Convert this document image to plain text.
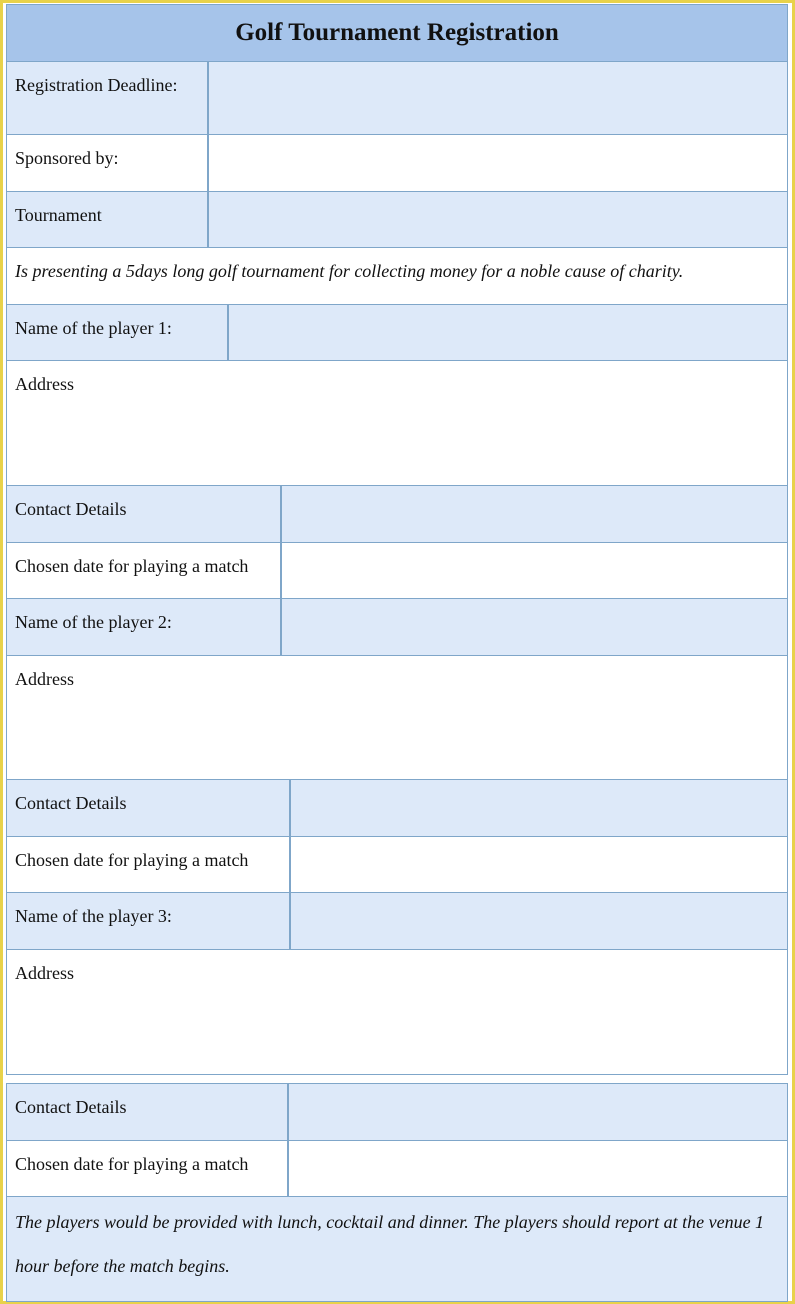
Golf Tournament Registration
Registration Deadline:
Sponsored by:
Tournament
Is presenting a 5days long golf tournament for collecting money for a noble cause of charity.
Name of the player 1:
Address
Contact Details
Chosen date for playing a match
Name of the player 2:
Address
Contact Details
Chosen date for playing a match
Name of the player 3:
Address
Contact Details
Chosen date for playing a match
The players would be provided with lunch, cocktail and dinner. The players should report at the venue 1 hour before the match begins.
